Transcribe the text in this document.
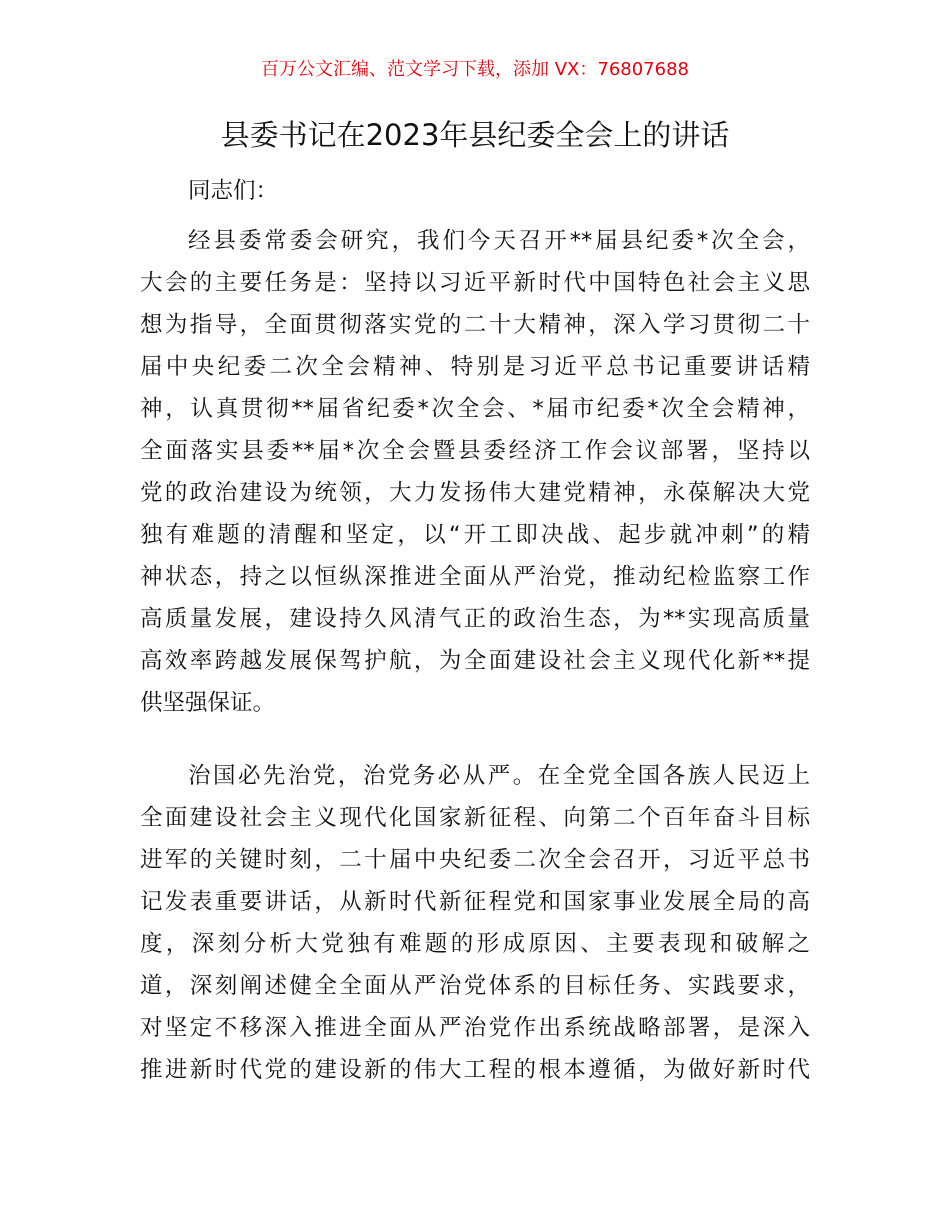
百万公文汇编、范文学习下载，添加 VX：76807688
县委书记在2023年县纪委全会上的讲话

同志们：

经县委常委会研究，我们今天召开**届县纪委*次全会，
大会的主要任务是：坚持以习近平新时代中国特色社会主义思
想为指导，全面贯彻落实党的二十大精神，深入学习贯彻二十
届中央纪委二次全会精神、特别是习近平总书记重要讲话精
神，认真贯彻**届省纪委*次全会、*届市纪委*次全会精神，
全面落实县委**届*次全会暨县委经济工作会议部署，坚持以
党的政治建设为统领，大力发扬伟大建党精神，永葆解决大党
独有难题的清醒和坚定，以“开工即决战、起步就冲刺”的精
神状态，持之以恒纵深推进全面从严治党，推动纪检监察工作
高质量发展，建设持久风清气正的政治生态，为**实现高质量
高效率跨越发展保驾护航，为全面建设社会主义现代化新**提
供坚强保证。
治国必先治党，治党务必从严。在全党全国各族人民迈上
全面建设社会主义现代化国家新征程、向第二个百年奋斗目标
进军的关键时刻，二十届中央纪委二次全会召开，习近平总书
记发表重要讲话，从新时代新征程党和国家事业发展全局的高
度，深刻分析大党独有难题的形成原因、主要表现和破解之
道，深刻阐述健全全面从严治党体系的目标任务、实践要求，
对坚定不移深入推进全面从严治党作出系统战略部署，是深入
推进新时代党的建设新的伟大工程的根本遵循，为做好新时代
